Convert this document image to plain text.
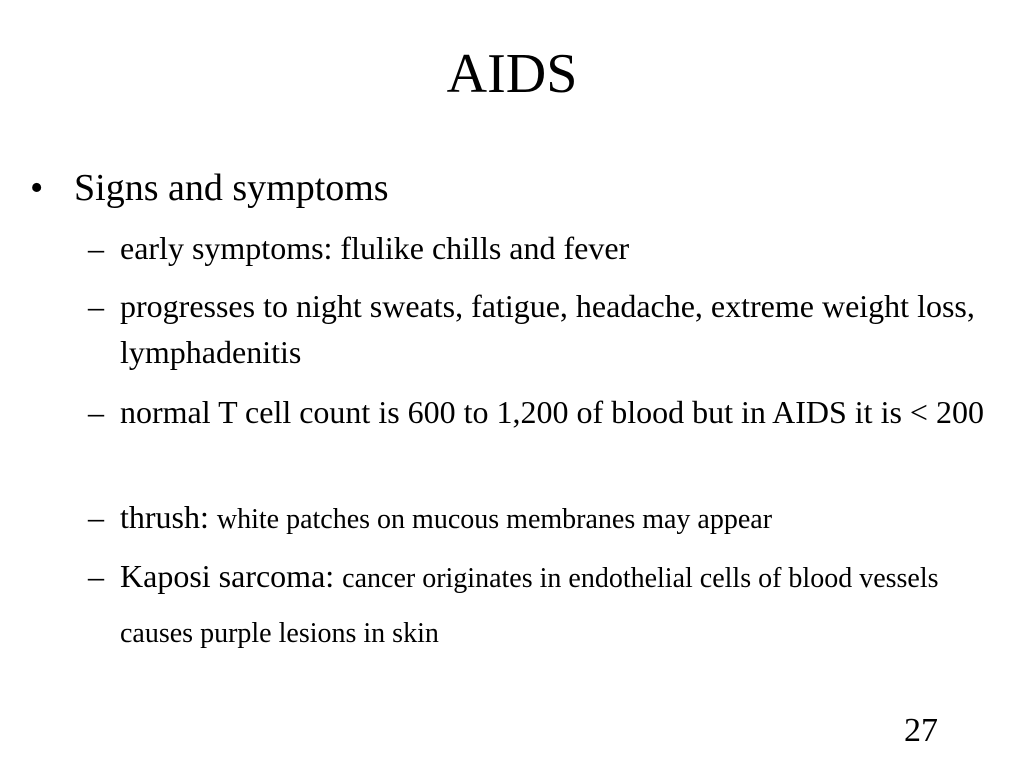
AIDS
• Signs and symptoms
– early symptoms: flulike chills and fever
– progresses to night sweats, fatigue, headache, extreme weight loss, lymphadenitis
– normal T cell count is 600 to 1,200 of blood but in AIDS it is < 200
– thrush: white patches on mucous membranes may appear
– Kaposi sarcoma: cancer originates in endothelial cells of blood vessels causes purple lesions in skin
27
